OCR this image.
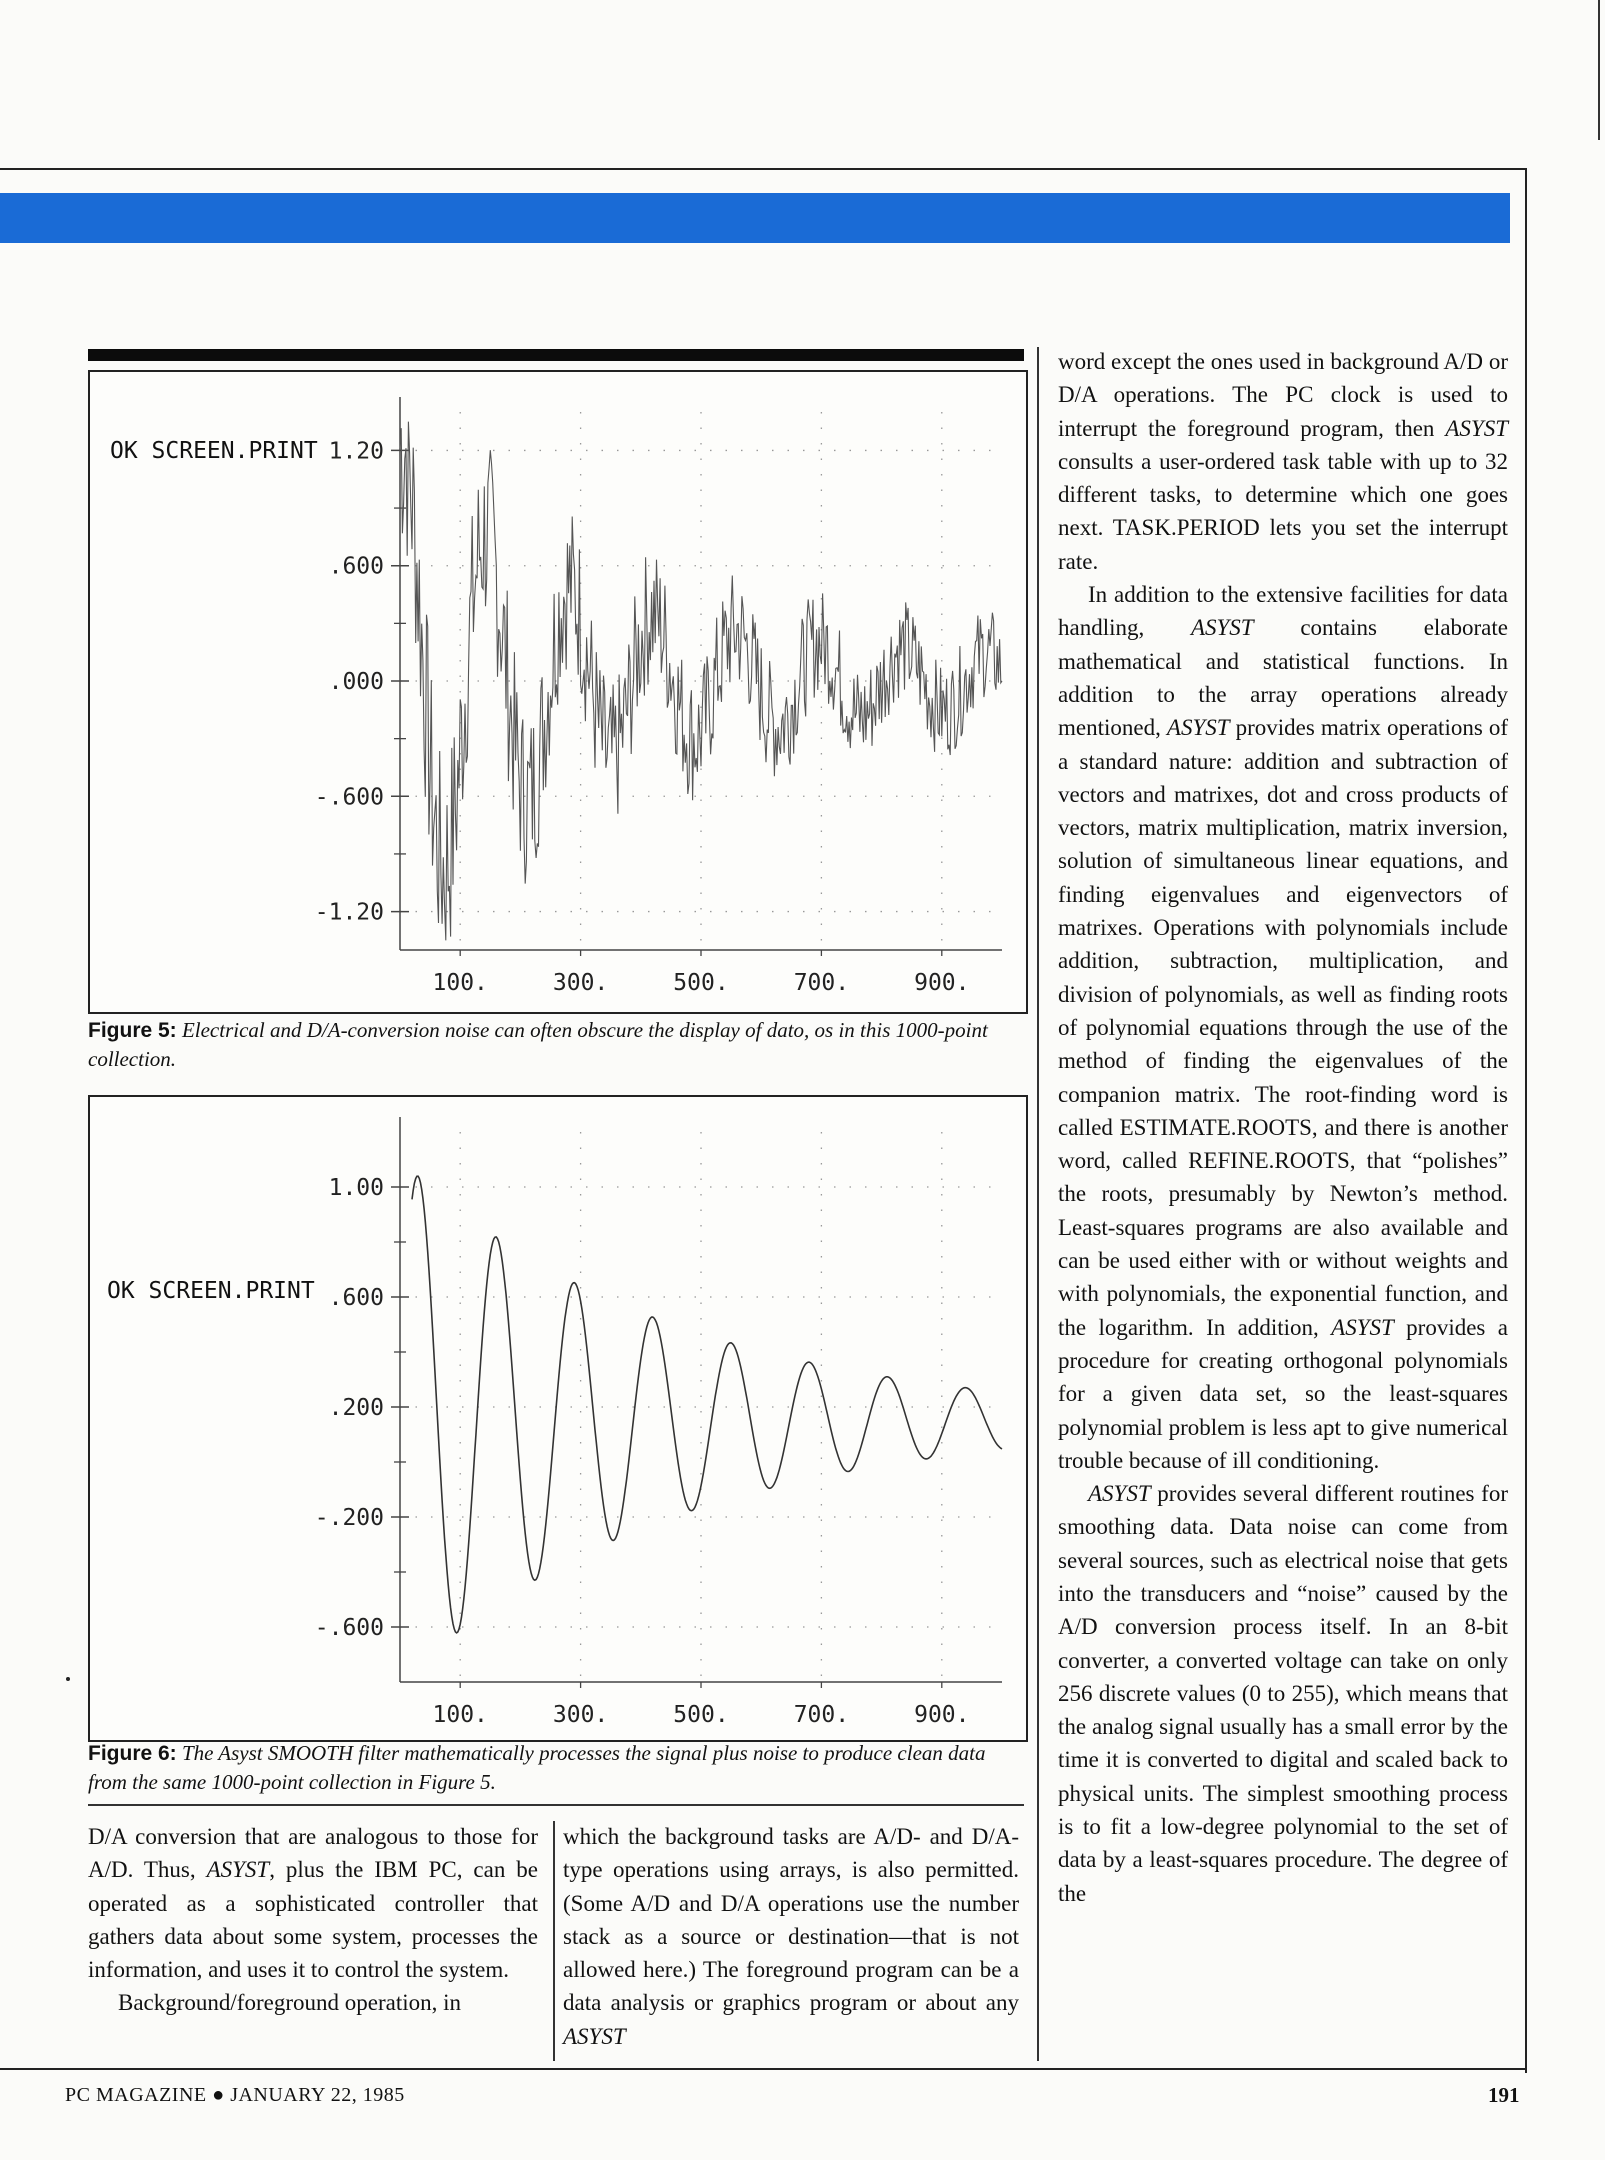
OK SCREEN.PRINT 1.20
.600
.000
-.600
-1.20
100.	300.	500.	700.	900.
Figure 5: Electrical and D/A-conversion noise can often obscure the display of dato, os in this 1000-point collection.
OK SCREEN.PRINT
1.00
.600
.200
-.200
-.600
100.	300.	500.	700.	900.
Figure 6: The Asyst SMOOTH filter mathematically processes the signal plus noise to produce clean data from the same 1000-point collection in Figure 5.

word except the ones used in background A/D or D/A operations. The PC clock is used to interrupt the foreground program, then ASYST consults a user-ordered task table with up to 32 different tasks, to determine which one goes next. TASK.PERIOD lets you set the interrupt rate.

In addition to the extensive facilities for data handling, ASYST contains elaborate mathematical and statistical functions. In addition to the array operations already mentioned, ASYST provides matrix operations of a standard nature: addition and subtraction of vectors and matrixes, dot and cross products of vectors, matrix multiplication, matrix inversion, solution of simultaneous linear equations, and finding eigenvalues and eigenvectors of matrixes. Operations with polynomials include addition, subtraction, multiplication, and division of polynomials, as well as finding roots of polynomial equations through the use of the method of finding the eigenvalues of the companion matrix. The root-finding word is called ESTIMATE.ROOTS, and there is another word, called REFINE.ROOTS, that “polishes” the roots, presumably by Newton’s method. Least-squares programs are also available and can be used either with or without weights and with polynomials, the exponential function, and the logarithm. In addition, ASYST provides a procedure for creating orthogonal polynomials for a given data set, so the least-squares polynomial problem is less apt to give numerical trouble because of ill conditioning.

ASYST provides several different routines for smoothing data. Data noise can come from several sources, such as electrical noise that gets into the transducers and “noise” caused by the A/D conversion process itself. In an 8-bit converter, a converted voltage can take on only 256 discrete values (0 to 255), which means that the analog signal usually has a small error by the time it is converted to digital and scaled back to physical units. The simplest smoothing process is to fit a low-degree polynomial to the set of data by a least-squares procedure. The degree of the

D/A conversion that are analogous to those for A/D. Thus, ASYST, plus the IBM PC, can be operated as a sophisticated controller that gathers data about some system, processes the information, and uses it to control the system.

Background/foreground operation, in

which the background tasks are A/D- and D/A-type operations using arrays, is also permitted. (Some A/D and D/A operations use the number stack as a source or destination—that is not allowed here.) The foreground program can be a data analysis or graphics program or about any ASYST

PC MAGAZINE ● JANUARY 22, 1985	191
